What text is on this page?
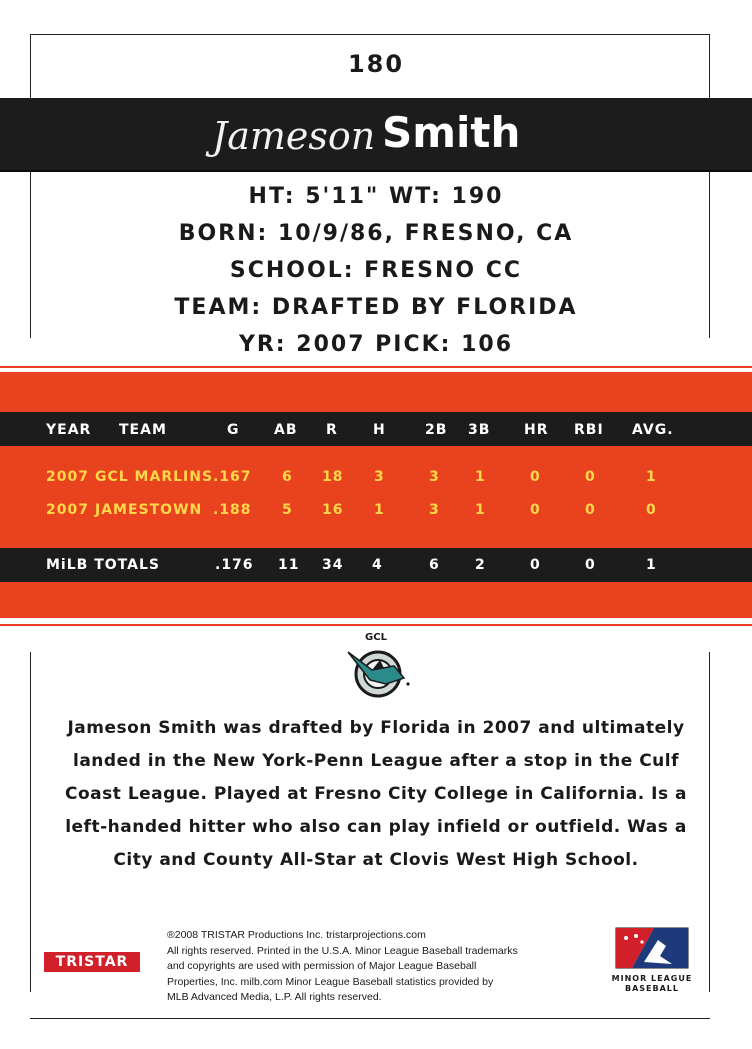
180
Jameson Smith
HT: 5'11" WT: 190
BORN: 10/9/86, FRESNO, CA
SCHOOL: FRESNO CC
TEAM: DRAFTED BY FLORIDA
YR: 2007 PICK: 106
YEAR TEAM	G AB R	H	2B 3B HR RBI AVG.
2007 GCL MARLINS .167 6 18 3	3	1	0	0	1
2007 JAMESTOWN .188 5 16 1	3	1	0	0	0
MiLB TOTALS	.176 11 34 4	6	2	0	0	1
GCL
Jameson Smith was drafted by Florida in 2007 and ultimately landed in the New York-Penn League after a stop in the Culf Coast League. Played at Fresno City College in California. Is a left-handed hitter who also can play infield or outfield. Was a City and County All-Star at Clovis West High School.
TRISTAR
®2008 TRISTAR Productions Inc. tristarprojections.com
All rights reserved. Printed in the U.S.A. Minor League Baseball trademarks
and copyrights are used with permission of Major League Baseball
Properties, Inc. milb.com Minor League Baseball statistics provided by
MLB Advanced Media, L.P. All rights reserved.
MINOR LEAGUE
BASEBALL
